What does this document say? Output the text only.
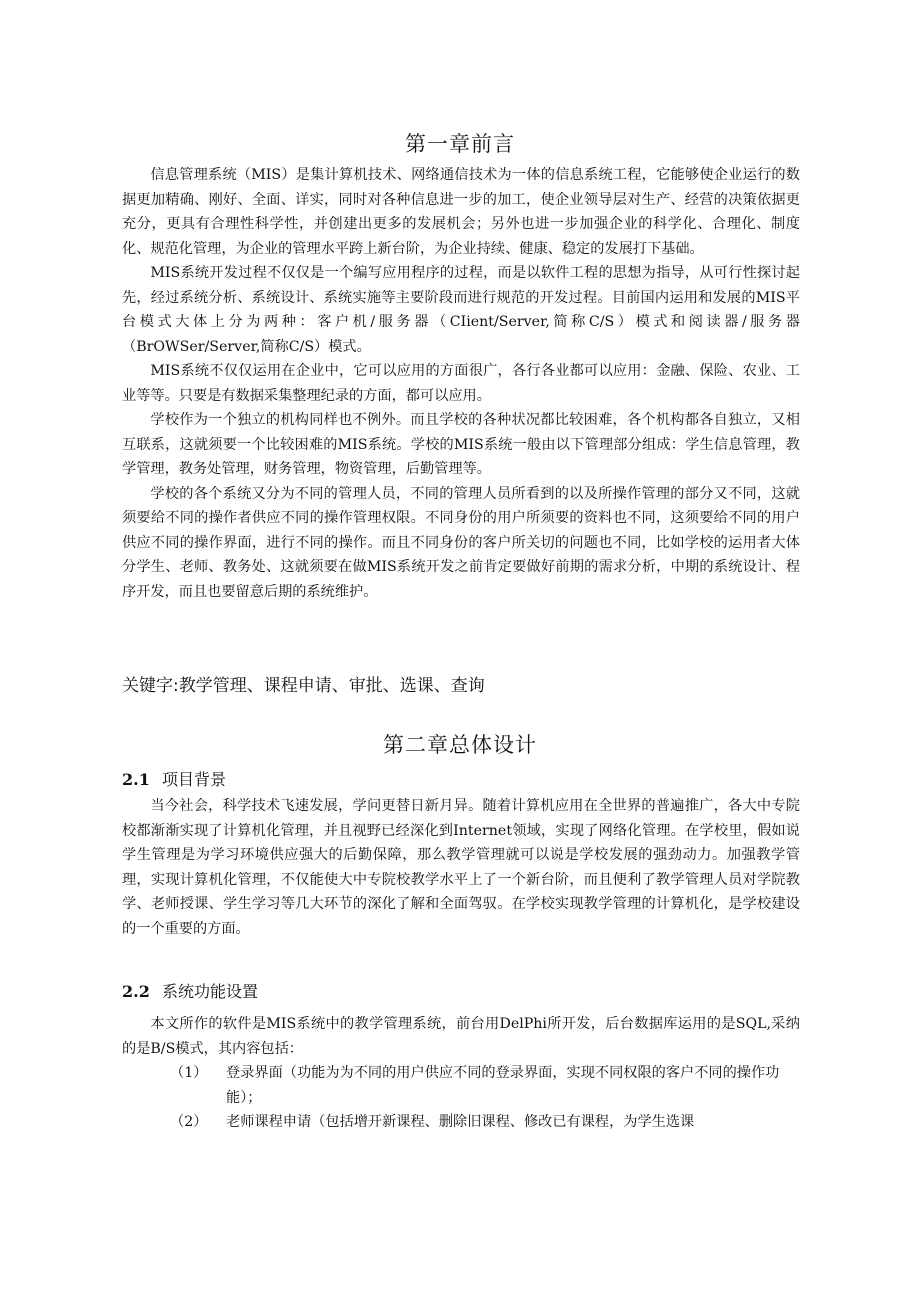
第一章前言

信息管理系统（MIS）是集计算机技术、网络通信技术为一体的信息系统工程，它能够使企业运行的数据更加精确、刚好、全面、详实，同时对各种信息进一步的加工，使企业领导层对生产、经营的决策依据更充分，更具有合理性科学性，并创建出更多的发展机会；另外也进一步加强企业的科学化、合理化、制度化、规范化管理，为企业的管理水平跨上新台阶，为企业持续、健康、稳定的发展打下基础。

MIS系统开发过程不仅仅是一个编写应用程序的过程，而是以软件工程的思想为指导，从可行性探讨起先，经过系统分析、系统设计、系统实施等主要阶段而进行规范的开发过程。目前国内运用和发展的MIS平台模式大体上分为两种：客户机/服务器（CIient/Server,简称C/S）模式和阅读器/服务器（BrOWSer/Server,简称C/S）模式。

MIS系统不仅仅运用在企业中，它可以应用的方面很广，各行各业都可以应用：金融、保险、农业、工业等等。只要是有数据采集整理纪录的方面，都可以应用。

学校作为一个独立的机构同样也不例外。而且学校的各种状况都比较困难，各个机构都各自独立，又相互联系，这就须要一个比较困难的MIS系统。学校的MIS系统一般由以下管理部分组成：学生信息管理，教学管理，教务处管理，财务管理，物资管理，后勤管理等。

学校的各个系统又分为不同的管理人员，不同的管理人员所看到的以及所操作管理的部分又不同，这就须要给不同的操作者供应不同的操作管理权限。不同身份的用户所须要的资料也不同，这须要给不同的用户供应不同的操作界面，进行不同的操作。而且不同身份的客户所关切的问题也不同，比如学校的运用者大体分学生、老师、教务处、这就须要在做MIS系统开发之前肯定要做好前期的需求分析，中期的系统设计、程序开发，而且也要留意后期的系统维护。

关键字:教学管理、课程申请、审批、选课、查询
第二章总体设计
2.1 项目背景

当今社会，科学技术飞速发展，学问更替日新月异。随着计算机应用在全世界的普遍推广，各大中专院校都渐渐实现了计算机化管理，并且视野已经深化到Internet领域，实现了网络化管理。在学校里，假如说学生管理是为学习环境供应强大的后勤保障，那么教学管理就可以说是学校发展的强劲动力。加强教学管理，实现计算机化管理，不仅能使大中专院校教学水平上了一个新台阶，而且便利了教学管理人员对学院教学、老师授课、学生学习等几大环节的深化了解和全面驾驭。在学校实现教学管理的计算机化，是学校建设的一个重要的方面。

2.2 系统功能设置

本文所作的软件是MIS系统中的教学管理系统，前台用DelPhi所开发，后台数据库运用的是SQL,采纳的是B/S模式，其内容包括：

（1） 登录界面（功能为为不同的用户供应不同的登录界面，实现不同权限的客户不同的操作功能）；
（2） 老师课程申请（包括增开新课程、删除旧课程、修改已有课程，为学生选课
